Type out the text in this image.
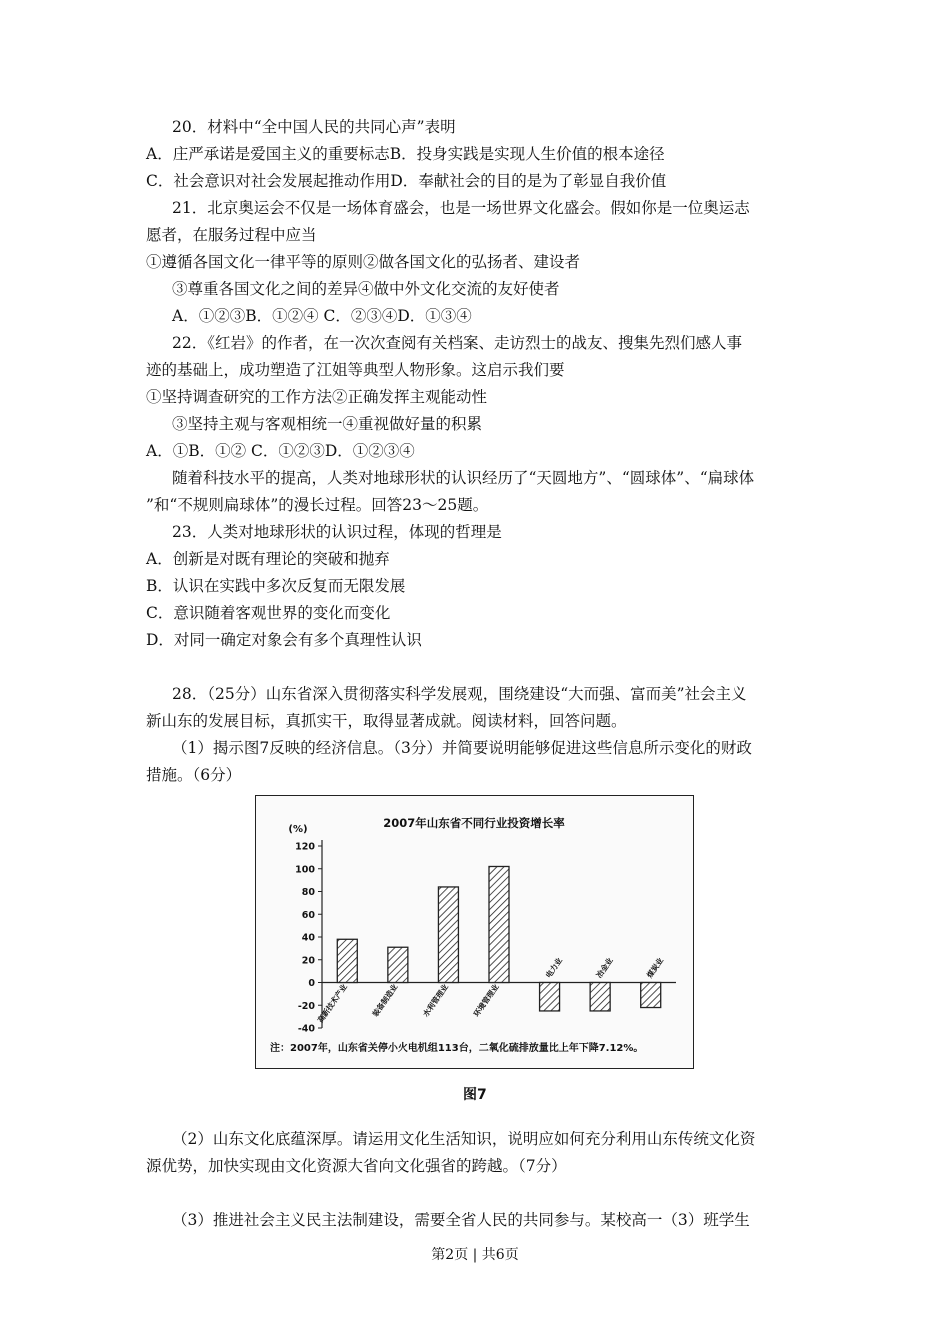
20．材料中“全中国人民的共同心声”表明
A．庄严承诺是爱国主义的重要标志B．投身实践是实现人生价值的根本途径
C．社会意识对社会发展起推动作用D．奉献社会的目的是为了彰显自我价值
21．北京奥运会不仅是一场体育盛会，也是一场世界文化盛会。假如你是一位奥运志
愿者，在服务过程中应当
①遵循各国文化一律平等的原则②做各国文化的弘扬者、建设者
③尊重各国文化之间的差异④做中外文化交流的友好使者
A．①②③B．①②④ C．②③④D．①③④
22．《红岩》的作者，在一次次查阅有关档案、走访烈士的战友、搜集先烈们感人事
迹的基础上，成功塑造了江姐等典型人物形象。这启示我们要
①坚持调查研究的工作方法②正确发挥主观能动性
③坚持主观与客观相统一④重视做好量的积累
A．①B．①② C．①②③D．①②③④
随着科技水平的提高，人类对地球形状的认识经历了“天圆地方”、“圆球体”、“扁球体
”和“不规则扁球体”的漫长过程。回答23～25题。
23．人类对地球形状的认识过程，体现的哲理是
A．创新是对既有理论的突破和抛弃
B．认识在实践中多次反复而无限发展
C．意识随着客观世界的变化而变化
D．对同一确定对象会有多个真理性认识
28．（25分）山东省深入贯彻落实科学发展观，围绕建设“大而强、富而美”社会主义
新山东的发展目标，真抓实干，取得显著成就。阅读材料，回答问题。
（1）揭示图7反映的经济信息。（3分）并简要说明能够促进这些信息所示变化的财政
措施。（6分）
（2）山东文化底蕴深厚。请运用文化生活知识，说明应如何充分利用山东传统文化资
源优势，加快实现由文化资源大省向文化强省的跨越。（7分）
（3）推进社会主义民主法制建设，需要全省人民的共同参与。某校高一（3）班学生
2007年山东省不同行业投资增长率
(%)
120
100
80
60
40
20
0
-20
-40
高新技术产业	装备制造业	水利管理业	环境管理业
电力业	冶金业	煤炭业
注：2007年，山东省关停小火电机组113台，二氧化硫排放量比上年下降7.12%。
图7
第2页 | 共6页
